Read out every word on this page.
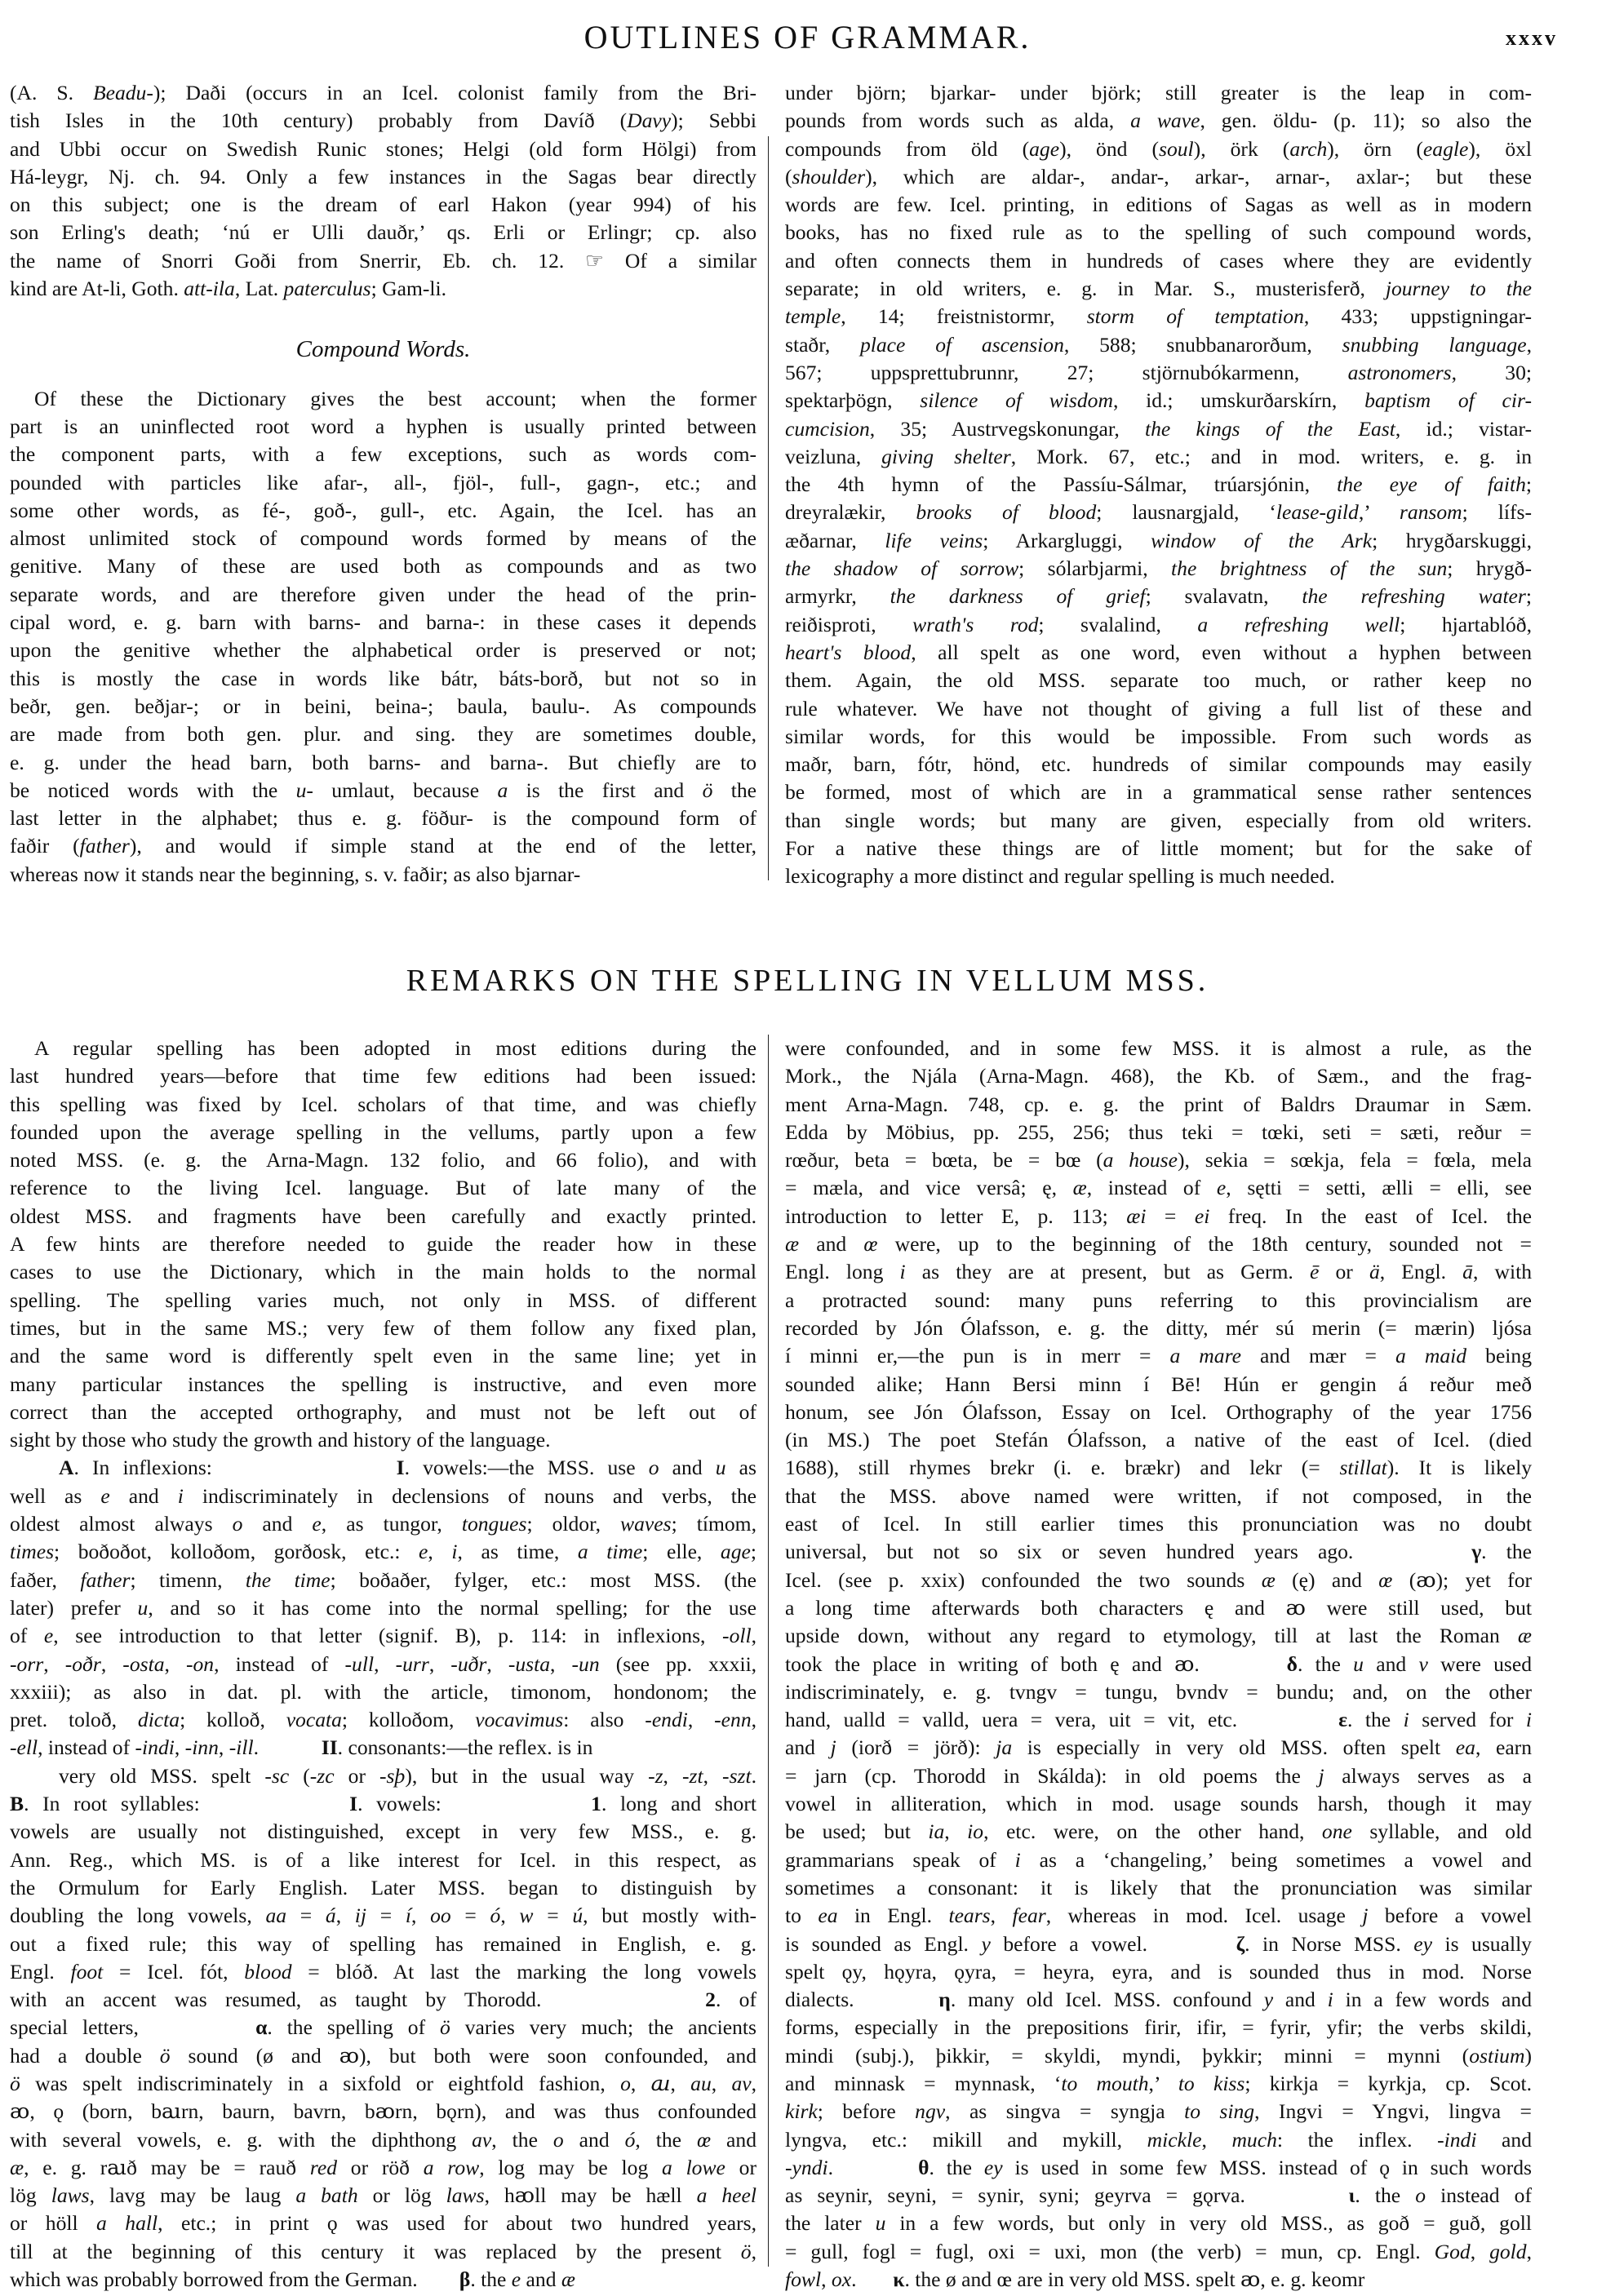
OUTLINES OF GRAMMAR.	xxxv
(A. S. Beadu-); Daði (occurs in an Icel. colonist family from the Bri-
tish Isles in the 10th century) probably from Davíð (Davy); Sebbi
and Ubbi occur on Swedish Runic stones; Helgi (old form Hölgi) from
Há-leygr, Nj. ch. 94. Only a few instances in the Sagas bear directly
on this subject; one is the dream of earl Hakon (year 994) of his
son Erling's death; ‘nú er Ulli dauðr,’ qs. Erli or Erlingr; cp. also
the name of Snorri Goði from Snerrir, Eb. ch. 12. ☞ Of a similar
kind are At-li, Goth. att-ila, Lat. paterculus; Gam-li.
Compound Words.
Of these the Dictionary gives the best account; when the former
part is an uninflected root word a hyphen is usually printed between
the component parts, with a few exceptions, such as words com-
pounded with particles like afar-, all-, fjöl-, full-, gagn-, etc.; and
some other words, as fé-, goð-, gull-, etc. Again, the Icel. has an
almost unlimited stock of compound words formed by means of the
genitive. Many of these are used both as compounds and as two
separate words, and are therefore given under the head of the prin-
cipal word, e. g. barn with barns- and barna-: in these cases it depends
upon the genitive whether the alphabetical order is preserved or not;
this is mostly the case in words like bátr, báts-borð, but not so in
beðr, gen. beðjar-; or in beini, beina-; baula, baulu-. As compounds
are made from both gen. plur. and sing. they are sometimes double,
e. g. under the head barn, both barns- and barna-. But chiefly are to
be noticed words with the u- umlaut, because a is the first and ö the
last letter in the alphabet; thus e. g. föður- is the compound form of
faðir (father), and would if simple stand at the end of the letter,
whereas now it stands near the beginning, s. v. faðir; as also bjarnar-
under björn; bjarkar- under björk; still greater is the leap in com-
pounds from words such as alda, a wave, gen. öldu- (p. 11); so also the
compounds from öld (age), önd (soul), örk (arch), örn (eagle), öxl
(shoulder), which are aldar-, andar-, arkar-, arnar-, axlar-; but these
words are few. Icel. printing, in editions of Sagas as well as in modern
books, has no fixed rule as to the spelling of such compound words,
and often connects them in hundreds of cases where they are evidently
separate; in old writers, e. g. in Mar. S., musterisferð, journey to the
temple, 14; freistnistormr, storm of temptation, 433; uppstigningar-
staðr, place of ascension, 588; snubbanarorðum, snubbing language,
567; uppsprettubrunnr, 27; stjörnubókarmenn, astronomers, 30;
spektarþögn, silence of wisdom, id.; umskurðarskírn, baptism of cir-
cumcision, 35; Austrvegskonungar, the kings of the East, id.; vistar-
veizluna, giving shelter, Mork. 67, etc.; and in mod. writers, e. g. in
the 4th hymn of the Passíu-Sálmar, trúarsjónin, the eye of faith;
dreyralækir, brooks of blood; lausnargjald, ‘lease-gild,’ ransom; lífs-
æðarnar, life veins; Arkargluggi, window of the Ark; hrygðarskuggi,
the shadow of sorrow; sólarbjarmi, the brightness of the sun; hrygð-
armyrkr, the darkness of grief; svalavatn, the refreshing water;
reiðisproti, wrath's rod; svalalind, a refreshing well; hjartablóð,
heart's blood, all spelt as one word, even without a hyphen between
them. Again, the old MSS. separate too much, or rather keep no
rule whatever. We have not thought of giving a full list of these and
similar words, for this would be impossible. From such words as
maðr, barn, fótr, hönd, etc. hundreds of similar compounds may easily
be formed, most of which are in a grammatical sense rather sentences
than single words; but many are given, especially from old writers.
For a native these things are of little moment; but for the sake of
lexicography a more distinct and regular spelling is much needed.
REMARKS ON THE SPELLING IN VELLUM MSS.
A regular spelling has been adopted in most editions during the
last hundred years—before that time few editions had been issued:
this spelling was fixed by Icel. scholars of that time, and was chiefly
founded upon the average spelling in the vellums, partly upon a few
noted MSS. (e. g. the Arna-Magn. 132 folio, and 66 folio), and with
reference to the living Icel. language. But of late many of the
oldest MSS. and fragments have been carefully and exactly printed.
A few hints are therefore needed to guide the reader how in these
cases to use the Dictionary, which in the main holds to the normal
spelling. The spelling varies much, not only in MSS. of different
times, but in the same MS.; very few of them follow any fixed plan,
and the same word is differently spelt even in the same line; yet in
many particular instances the spelling is instructive, and even more
correct than the accepted orthography, and must not be left out of
sight by those who study the growth and history of the language.
A. In inflexions:              I. vowels:—the MSS. use o and u as
well as e and i indiscriminately in declensions of nouns and verbs, the
oldest almost always o and e, as tungor, tongues; oldor, waves; tímom,
times; boðoðot, kolloðom, gorðosk, etc.: e, i, as time, a time; elle, age;
faðer, father; timenn, the time; boðaðer, fylger, etc.: most MSS. (the
later) prefer u, and so it has come into the normal spelling; for the use
of e, see introduction to that letter (signif. B), p. 114: in inflexions, -oll,
-orr, -oðr, -osta, -on, instead of -ull, -urr, -uðr, -usta, -un (see pp. xxxii,
xxxiii); as also in dat. pl. with the article, timonom, hondonom; the
pret. toloð, dicta; kolloð, vocata; kolloðom, vocavimus: also -endi, -enn,
-ell, instead of -indi, -inn, -ill.            II. consonants:—the reflex. is in
very old MSS. spelt -sc (-zc or -sþ), but in the usual way -z, -zt, -szt.
B. In root syllables:           I. vowels:           1. long and short
vowels are usually not distinguished, except in very few MSS., e. g.
Ann. Reg., which MS. is of a like interest for Icel. in this respect, as
the Ormulum for Early English. Later MSS. began to distinguish by
doubling the long vowels, aa = á, ij = í, oo = ó, w = ú, but mostly with-
out a fixed rule; this way of spelling has remained in English, e. g.
Engl. foot = Icel. fót, blood = blóð. At last the marking the long vowels
with an accent was resumed, as taught by Thorodd.         2. of
special letters,        α. the spelling of ö varies very much; the ancients
had a double ö sound (ø and ꜵ), but both were soon confounded, and
ö was spelt indiscriminately in a sixfold or eightfold fashion, o, ꜷ, au, av,
ꜵ, ǫ (born, bꜷrn, baurn, bavrn, bꜵrn, bǫrn), and was thus confounded
with several vowels, e. g. with the diphthong av, the o and ó, the œ and
æ, e. g. rꜷð may be = rauð red or röð a row, log may be log a lowe or
lög laws, lavg may be laug a bath or lög laws, hꜵll may be hæll a heel
or höll a hall, etc.; in print ǫ was used for about two hundred years,
till at the beginning of this century it was replaced by the present ö,
which was probably borrowed from the German.        β. the e and æ
were confounded, and in some few MSS. it is almost a rule, as the
Mork., the Njála (Arna-Magn. 468), the Kb. of Sæm., and the frag-
ment Arna-Magn. 748, cp. e. g. the print of Baldrs Draumar in Sæm.
Edda by Möbius, pp. 255, 256; thus teki = tœki, seti = sæti, reður =
rœður, beta = bœta, be = bœ (a house), sekia = sœkja, fela = fœla, mela
= mæla, and vice versâ; ę, æ, instead of e, sętti = setti, ælli = elli, see
introduction to letter E, p. 113; æi = ei freq. In the east of Icel. the
æ and œ were, up to the beginning of the 18th century, sounded not =
Engl. long i as they are at present, but as Germ. ē or ä, Engl. ā, with
a protracted sound: many puns referring to this provincialism are
recorded by Jón Ólafsson, e. g. the ditty, mér sú merin (= mærin) ljósa
í minni er,—the pun is in merr = a mare and mær = a maid being
sounded alike; Hann Bersi minn í Bē! Hún er gengin á reður með
honum, see Jón Ólafsson, Essay on Icel. Orthography of the year 1756
(in MS.) The poet Stefán Ólafsson, a native of the east of Icel. (died
1688), still rhymes brekr (i. e. brækr) and lekr (= stillat). It is likely
that the MSS. above named were written, if not composed, in the
east of Icel. In still earlier times this pronunciation was no doubt
universal, but not so six or seven hundred years ago.      γ. the
Icel. (see p. xxix) confounded the two sounds æ (ę) and œ (ꜵ); yet for
a long time afterwards both characters ę and ꜵ were still used, but
upside down, without any regard to etymology, till at last the Roman æ
took the place in writing of both ę and ꜵ.       δ. the u and v were used
indiscriminately, e. g. tvngv = tungu, bvndv = bundu; and, on the other
hand, ualld = valld, uera = vera, uit = vit, etc.        ε. the i served for i
and j (iorð = jörð): ja is especially in very old MSS. often spelt ea, earn
= jarn (cp. Thorodd in Skálda): in old poems the j always serves as a
vowel in alliteration, which in mod. usage sounds harsh, though it may
be used; but ia, io, etc. were, on the other hand, one syllable, and old
grammarians speak of i as a ‘changeling,’ being sometimes a vowel and
sometimes a consonant: it is likely that the pronunciation was similar
to ea in Engl. tears, fear, whereas in mod. Icel. usage j before a vowel
is sounded as Engl. y before a vowel.       ζ. in Norse MSS. ey is usually
spelt ǫy, hǫyra, ǫyra, = heyra, eyra, and is sounded thus in mod. Norse
dialects.       η. many old Icel. MSS. confound y and i in a few words and
forms, especially in the prepositions firir, ifir, = fyrir, yfir; the verbs skildi,
mindi (subj.), þikkir, = skyldi, myndi, þykkir; minni = mynni (ostium)
and minnask = mynnask, ‘to mouth,’ to kiss; kirkja = kyrkja, cp. Scot.
kirk; before ngv, as singva = syngja to sing, Ingvi = Yngvi, lingva =
lyngva, etc.: mikill and mykill, mickle, much: the inflex. -indi and
-yndi.       θ. the ey is used in some few MSS. instead of ǫ in such words
as seynir, seyni, = synir, syni; geyrva = gǫrva.       ι. the o instead of
the later u in a few words, but only in very old MSS., as goð = guð, goll
= gull, fogl = fugl, oxi = uxi, mon (the verb) = mun, cp. Engl. God, gold,
fowl, ox.       κ. the ø and œ are in very old MSS. spelt ꜵ, e. g. keomr
